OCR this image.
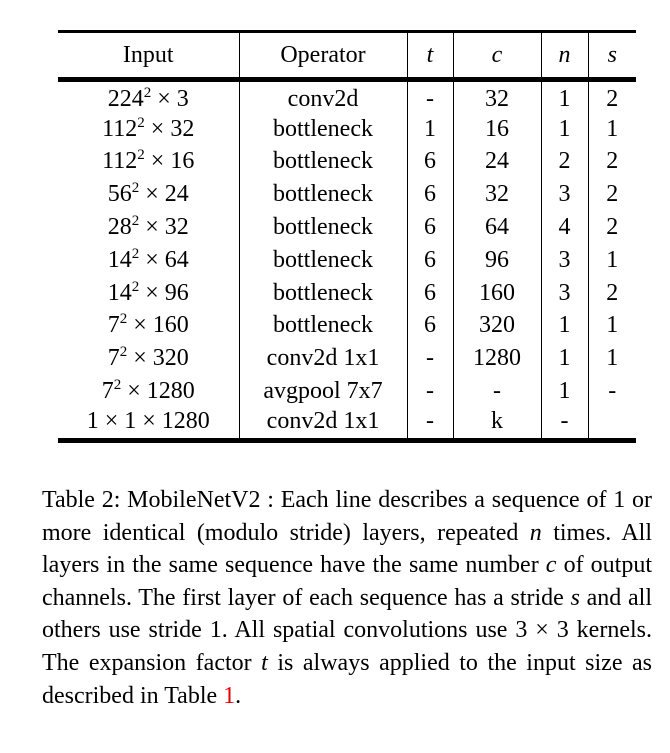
Input	Operator	t	c	n	s
$224^2 \times 3$	conv2d	-	32	1	2
$112^2 \times 32$	bottleneck	1	16	1	1
$112^2 \times 16$	bottleneck	6	24	2	2
$56^2 \times 24$	bottleneck	6	32	3	2
$28^2 \times 32$	bottleneck	6	64	4	2
$14^2 \times 64$	bottleneck	6	96	3	1
$14^2 \times 96$	bottleneck	6	160	3	2
$7^2 \times 160$	bottleneck	6	320	1	1
$7^2 \times 320$	conv2d 1x1	-	1280	1	1
$7^2 \times 1280$	avgpool 7x7	-	-	1	-
1 × 1 × 1280	conv2d 1x1	-	k	-	

Table 2: MobileNetV2 : Each line describes a sequence of 1 or more identical (modulo stride) layers, repeated n times. All layers in the same sequence have the same number c of output channels. The first layer of each sequence has a stride s and all others use stride 1. All spatial convolutions use 3 × 3 kernels. The expansion factor t is always applied to the input size as described in Table 1.
